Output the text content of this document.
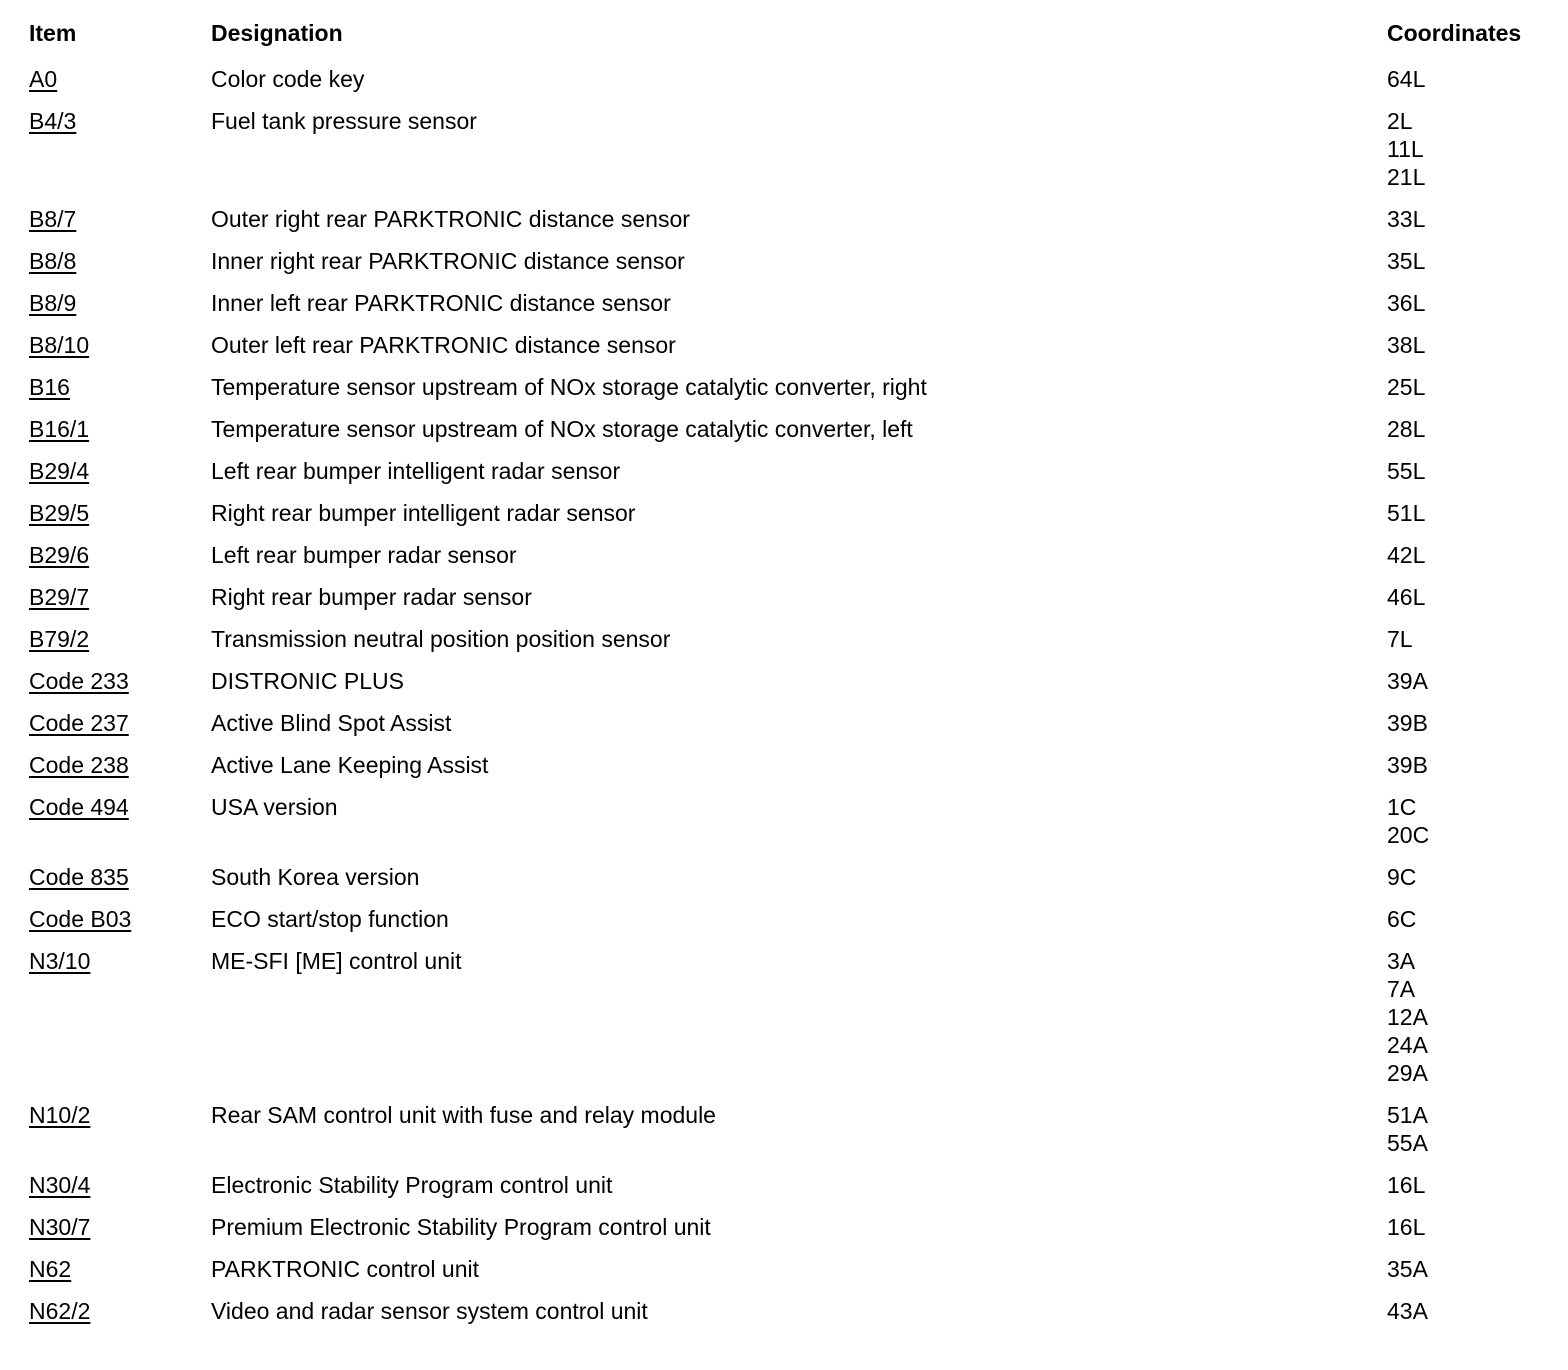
Item	Designation	Coordinates
A0	Color code key	64L
B4/3	Fuel tank pressure sensor	2L
11L
21L
B8/7	Outer right rear PARKTRONIC distance sensor	33L
B8/8	Inner right rear PARKTRONIC distance sensor	35L
B8/9	Inner left rear PARKTRONIC distance sensor	36L
B8/10	Outer left rear PARKTRONIC distance sensor	38L
B16	Temperature sensor upstream of NOx storage catalytic converter, right	25L
B16/1	Temperature sensor upstream of NOx storage catalytic converter, left	28L
B29/4	Left rear bumper intelligent radar sensor	55L
B29/5	Right rear bumper intelligent radar sensor	51L
B29/6	Left rear bumper radar sensor	42L
B29/7	Right rear bumper radar sensor	46L
B79/2	Transmission neutral position position sensor	7L
Code 233	DISTRONIC PLUS	39A
Code 237	Active Blind Spot Assist	39B
Code 238	Active Lane Keeping Assist	39B
Code 494	USA version	1C
20C
Code 835	South Korea version	9C
Code B03	ECO start/stop function	6C
N3/10	ME-SFI [ME] control unit	3A
7A
12A
24A
29A
N10/2	Rear SAM control unit with fuse and relay module	51A
55A
N30/4	Electronic Stability Program control unit	16L
N30/7	Premium Electronic Stability Program control unit	16L
N62	PARKTRONIC control unit	35A
N62/2	Video and radar sensor system control unit	43A
